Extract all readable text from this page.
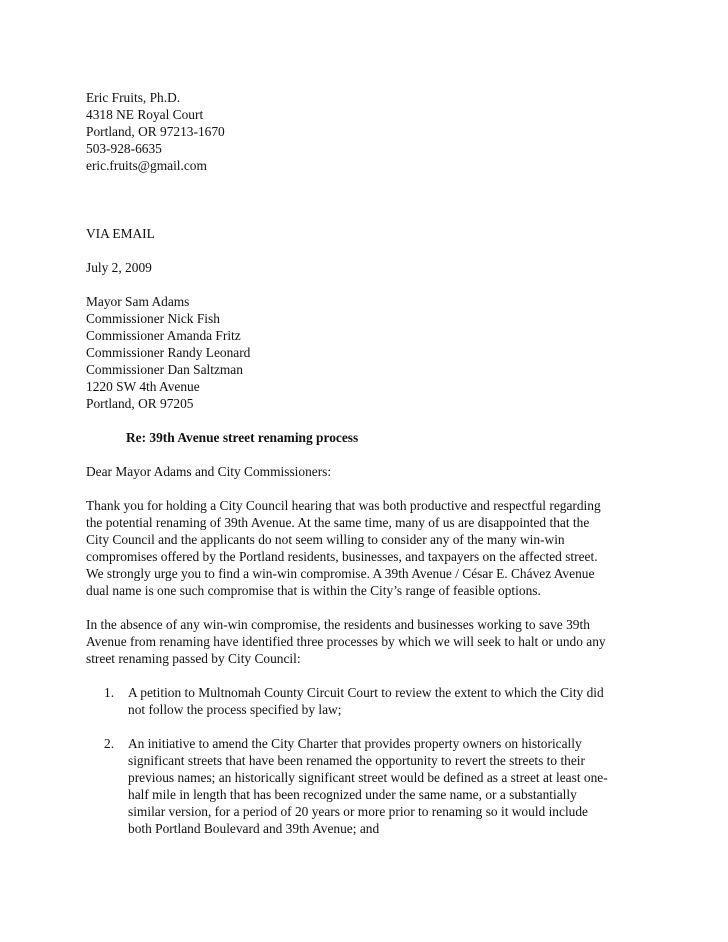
Eric Fruits, Ph.D.
4318 NE Royal Court
Portland, OR 97213-1670
503-928-6635
eric.fruits@gmail.com
VIA EMAIL
July 2, 2009
Mayor Sam Adams
Commissioner Nick Fish
Commissioner Amanda Fritz
Commissioner Randy Leonard
Commissioner Dan Saltzman
1220 SW 4th Avenue
Portland, OR 97205
Re: 39th Avenue street renaming process
Dear Mayor Adams and City Commissioners:
Thank you for holding a City Council hearing that was both productive and respectful regarding
the potential renaming of 39th Avenue. At the same time, many of us are disappointed that the
City Council and the applicants do not seem willing to consider any of the many win-win
compromises offered by the Portland residents, businesses, and taxpayers on the affected street.
We strongly urge you to find a win-win compromise. A 39th Avenue / César E. Chávez Avenue
dual name is one such compromise that is within the City’s range of feasible options.
In the absence of any win-win compromise, the residents and businesses working to save 39th
Avenue from renaming have identified three processes by which we will seek to halt or undo any
street renaming passed by City Council:
1. A petition to Multnomah County Circuit Court to review the extent to which the City did
not follow the process specified by law;
2. An initiative to amend the City Charter that provides property owners on historically
significant streets that have been renamed the opportunity to revert the streets to their
previous names; an historically significant street would be defined as a street at least one-
half mile in length that has been recognized under the same name, or a substantially
similar version, for a period of 20 years or more prior to renaming so it would include
both Portland Boulevard and 39th Avenue; and
